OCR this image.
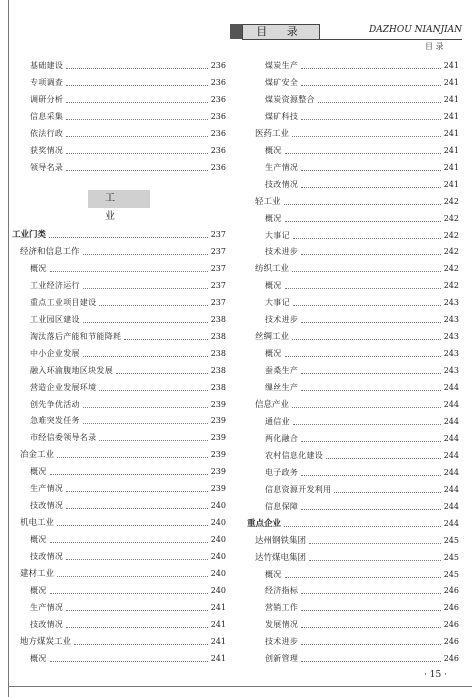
目 录	DAZHOU NIANJIAN
目 录
基础建设	236
专项调查	236
调研分析	236
信息采集	236
依法行政	236
获奖情况	236
领导名录	236
工 业
工业门类	237
经济和信息工作	237
概况	237
工业经济运行	237
重点工业项目建设	237
工业园区建设	238
淘汰落后产能和节能降耗	238
中小企业发展	238
融入环渝腹地区块发展	238
营造企业发展环境	238
创先争优活动	239
急难突发任务	239
市经信委领导名录	239
冶金工业	239
概况	239
生产情况	239
技改情况	240
机电工业	240
概况	240
技改情况	240
建材工业	240
概况	240
生产情况	241
技改情况	241
地方煤炭工业	241
概况	241
煤炭生产	241
煤矿安全	241
煤炭资源整合	241
煤矿科技	241
医药工业	241
概况	241
生产情况	241
技改情况	241
轻工业	242
概况	242
大事记	242
技术进步	242
纺织工业	242
概况	242
大事记	243
技术进步	243
丝绸工业	243
概况	243
蚕桑生产	243
缫丝生产	244
信息产业	244
通信业	244
两化融合	244
农村信息化建设	244
电子政务	244
信息资源开发利用	244
信息保障	244
重点企业	244
达州钢铁集团	245
达竹煤电集团	245
概况	245
经济指标	246
营销工作	246
发展情况	246
技术进步	246
创新管理	246
· 15 ·
